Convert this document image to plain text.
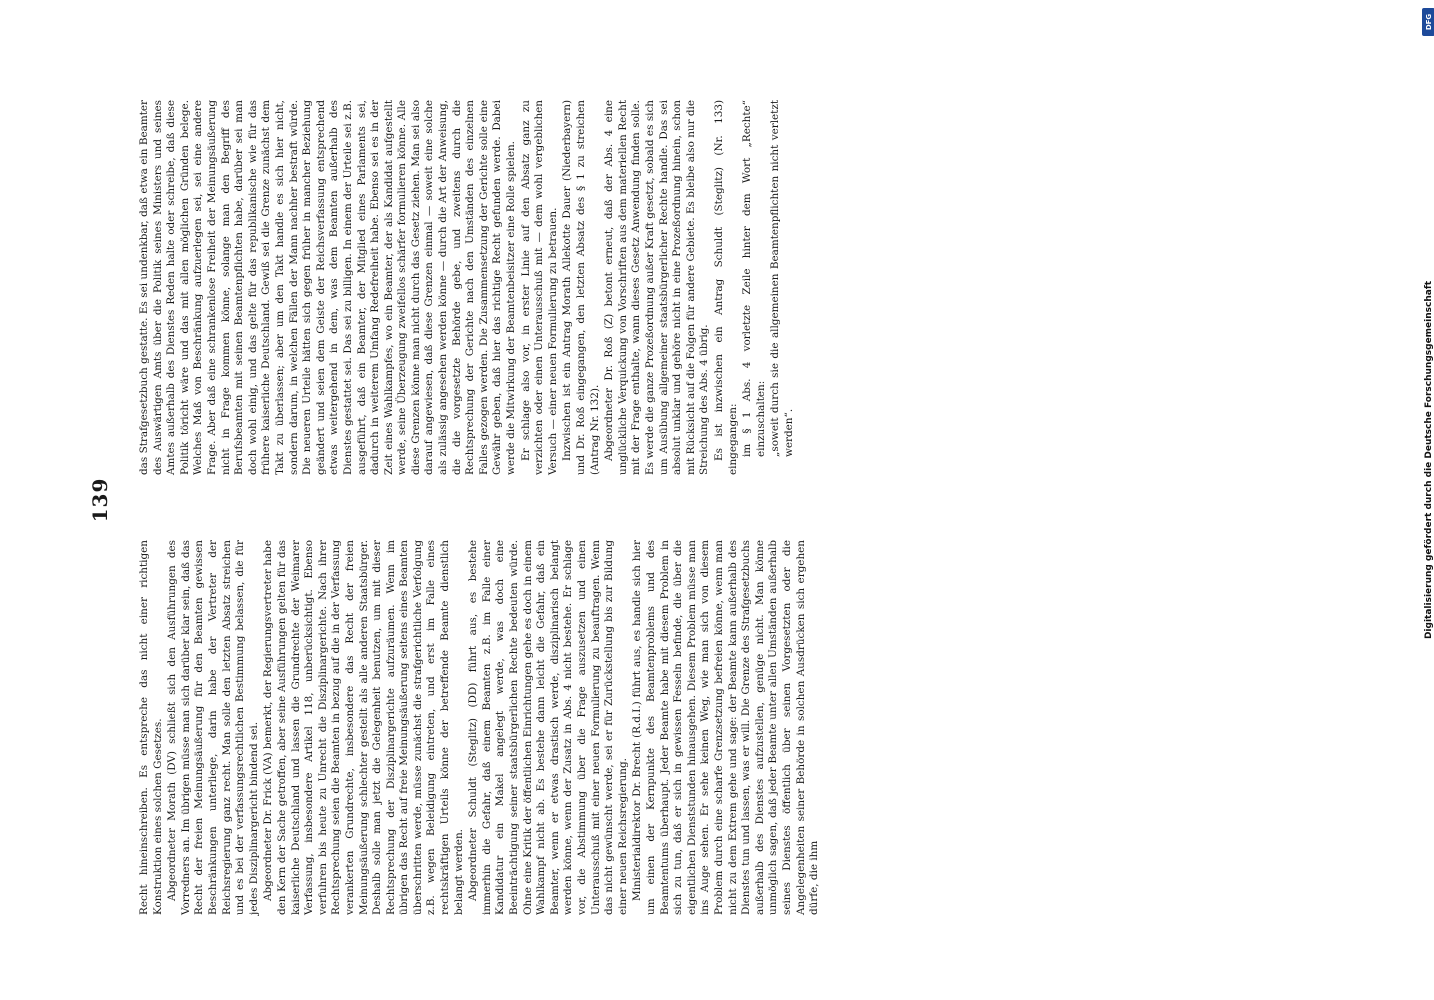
139

Recht hineinschreiben. Es entspreche das nicht einer richtigen Konstruktion eines solchen Gesetzes. Abgeordneter Morath (DV) schließt sich den Ausführungen des Vorredners an. Im übrigen müsse man sich darüber klar sein, daß das Recht der freien Meinungsäußerung für den Beamten gewissen Beschränkungen unterliege, darin habe der Vertreter der Reichsregierung ganz recht. Man solle den letzten Absatz streichen und es bei der verfassungsrechtlichen Bestimmung belassen, die für jedes Disziplinargericht bindend sei. Abgeordneter Dr. Frick (VA) bemerkt, der Regierungsvertreter habe den Kern der Sache getroffen, aber seine Ausführungen gelten für das kaiserliche Deutschland und lassen die Grundrechte der Weimarer Verfassung, insbesondere Artikel 118, unberücksichtigt. Ebenso verfuhren bis heute zu Unrecht die Disziplinargerichte. Nach ihrer Rechtsprechung seien die Beamten in bezug auf die in der Verfassung verankerten Grundrechte, insbesondere das Recht der freien Meinungsäußerung schlechter gestellt als alle anderen Staatsbürger. Deshalb solle man jetzt die Gelegenheit benutzen, um mit dieser Rechtsprechung der Disziplinargerichte aufzuräumen. Wenn im übrigen das Recht auf freie Meinungsäußerung seitens eines Beamten überschritten werde, müsse zunächst die strafgerichtliche Verfolgung z.B. wegen Beleidigung eintreten, und erst im Falle eines rechtskräftigen Urteils könne der betreffende Beamte dienstlich belangt werden. Abgeordneter Schuldt (Steglitz) (DD) führt aus, es bestehe immerhin die Gefahr, daß einem Beamten z.B. im Falle einer Kandidatur ein Makel angelegt werde, was doch eine Beeinträchtigung seiner staatsbürgerlichen Rechte bedeuten würde. Ohne eine Kritik der öffentlichen Einrichtungen gehe es doch in einem Wahlkampf nicht ab. Es bestehe dann leicht die Gefahr, daß ein Beamter, wenn er etwas drastisch werde, disziplinarisch belangt werden könne, wenn der Zusatz in Abs. 4 nicht bestehe. Er schlage vor, die Abstimmung über die Frage auszusetzen und einen Unterausschuß mit einer neuen Formulierung zu beauftragen. Wenn das nicht gewünscht werde, sei er für Zurückstellung bis zur Bildung einer neuen Reichsregierung. Ministerialdirektor Dr. Brecht (R.d.I.) führt aus, es handle sich hier um einen der Kernpunkte des Beamtenproblems und des Beamtentums überhaupt. Jeder Beamte habe mit diesem Problem in sich zu tun, daß er sich in gewissen Fesseln befinde, die über die eigentlichen Dienststunden hinausgehen. Diesem Problem müsse man ins Auge sehen. Er sehe keinen Weg, wie man sich von diesem Problem durch eine scharfe Grenzsetzung befreien könne, wenn man nicht zu dem Extrem gehe und sage: der Beamte kann außerhalb des Dienstes tun und lassen, was er will. Die Grenze des Strafgesetzbuchs außerhalb des Dienstes aufzustellen, genüge nicht. Man könne unmöglich sagen, daß jeder Beamte unter allen Umständen außerhalb seines Dienstes öffentlich über seinen Vorgesetzten oder die Angelegenheiten seiner Behörde in solchen Ausdrücken sich ergehen dürfe, die ihm

das Strafgesetzbuch gestatte. Es sei undenkbar, daß etwa ein Beamter des Auswärtigen Amts über die Politik seines Ministers und seines Amtes außerhalb des Dienstes Reden halte oder schreibe, daß diese Politik töricht wäre und das mit allen möglichen Gründen belege. Welches Maß von Beschränkung aufzuerlegen sei, sei eine andere Frage. Aber daß eine schrankenlose Freiheit der Meinungsäußerung nicht in Frage kommen könne, solange man den Begriff des Berufsbeamten mit seinen Beamtenpflichten habe, darüber sei man doch wohl einig, und das gelte für das republikanische wie für das frühere kaiserliche Deutschland. Gewiß sei die Grenze zunächst dem Takt zu überlassen; aber um den Takt handle es sich hier nicht, sondern darum, in welchen Fällen der Mann nachher bestraft würde. Die neueren Urteile hätten sich gegen früher in mancher Beziehung geändert und seien dem Geiste der Reichsverfassung entsprechend etwas weitergehend in dem, was dem Beamten außerhalb des Dienstes gestattet sei. Das sei zu billigen. In einem der Urteile sei z.B. ausgeführt, daß ein Beamter, der Mitglied eines Parlaments sei, dadurch in weiterem Umfang Redefreiheit habe. Ebenso sei es in der Zeit eines Wahlkampfes, wo ein Beamter, der als Kandidat aufgestellt werde, seine Überzeugung zweifellos schärfer formulieren könne. Alle diese Grenzen könne man nicht durch das Gesetz ziehen. Man sei also darauf angewiesen, daß diese Grenzen einmal — soweit eine solche als zulässig angesehen werden könne — durch die Art der Anweisung, die die vorgesetzte Behörde gebe, und zweitens durch die Rechtsprechung der Gerichte nach den Umständen des einzelnen Falles gezogen werden. Die Zusammensetzung der Gerichte solle eine Gewähr geben, daß hier das richtige Recht gefunden werde. Dabei werde die Mitwirkung der Beamtenbeisitzer eine Rolle spielen. Er schlage also vor, in erster Linie auf den Absatz ganz zu verzichten oder einen Unterausschuß mit — dem wohl vergeblichen Versuch — einer neuen Formulierung zu betrauen. Inzwischen ist ein Antrag Morath Allekotte Dauer (Niederbayern) und Dr. Roß eingegangen, den letzten Absatz des § 1 zu streichen (Antrag Nr. 132). Abgeordneter Dr. Roß (Z) betont erneut, daß der Abs. 4 eine unglückliche Verquickung von Vorschriften aus dem materiellen Recht mit der Frage enthalte, wann dieses Gesetz Anwendung finden solle. Es werde die ganze Prozeßordnung außer Kraft gesetzt, sobald es sich um Ausübung allgemeiner staatsbürgerlicher Rechte handle. Das sei absolut unklar und gehöre nicht in eine Prozeßordnung hinein, schon mit Rücksicht auf die Folgen für andere Gebiete. Es bleibe also nur die Streichung des Abs. 4 übrig. Es ist inzwischen ein Antrag Schuldt (Steglitz) (Nr. 133) eingegangen: im § 1 Abs. 4 vorletzte Zeile hinter dem Wort „Rechte“ einzuschalten: „soweit durch sie die allgemeinen Beamtenpflichten nicht verletzt werden“.

DFG
Digitalisierung gefördert durch die Deutsche Forschungsgemeinschaft
